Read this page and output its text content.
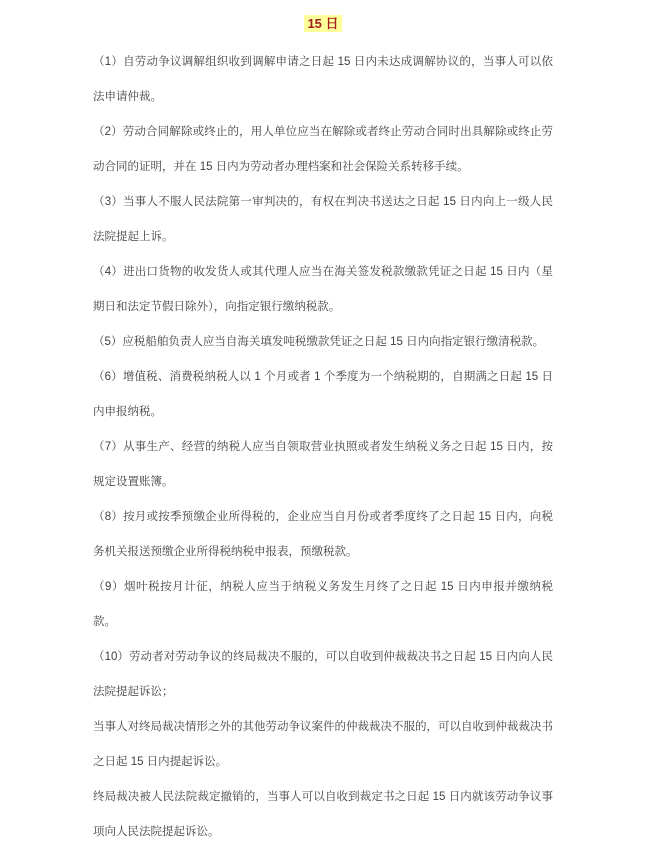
15 日

（1）自劳动争议调解组织收到调解申请之日起 15 日内未达成调解协议的，当事人可以依法申请仲裁。

（2）劳动合同解除或终止的，用人单位应当在解除或者终止劳动合同时出具解除或终止劳动合同的证明，并在 15 日内为劳动者办理档案和社会保险关系转移手续。

（3）当事人不服人民法院第一审判决的，有权在判决书送达之日起 15 日内向上一级人民法院提起上诉。

（4）进出口货物的收发货人或其代理人应当在海关签发税款缴款凭证之日起 15 日内（星期日和法定节假日除外），向指定银行缴纳税款。

（5）应税船舶负责人应当自海关填发吨税缴款凭证之日起 15 日内向指定银行缴清税款。

（6）增值税、消费税纳税人以 1 个月或者 1 个季度为一个纳税期的，自期满之日起 15 日内申报纳税。

（7）从事生产、经营的纳税人应当自领取营业执照或者发生纳税义务之日起 15 日内，按规定设置账簿。

（8）按月或按季预缴企业所得税的，企业应当自月份或者季度终了之日起 15 日内，向税务机关报送预缴企业所得税纳税申报表，预缴税款。

（9）烟叶税按月计征，纳税人应当于纳税义务发生月终了之日起 15 日内申报并缴纳税款。

（10）劳动者对劳动争议的终局裁决不服的，可以自收到仲裁裁决书之日起 15 日内向人民法院提起诉讼；

当事人对终局裁决情形之外的其他劳动争议案件的仲裁裁决不服的，可以自收到仲裁裁决书之日起 15 日内提起诉讼。

终局裁决被人民法院裁定撤销的，当事人可以自收到裁定书之日起 15 日内就该劳动争议事项向人民法院提起诉讼。
